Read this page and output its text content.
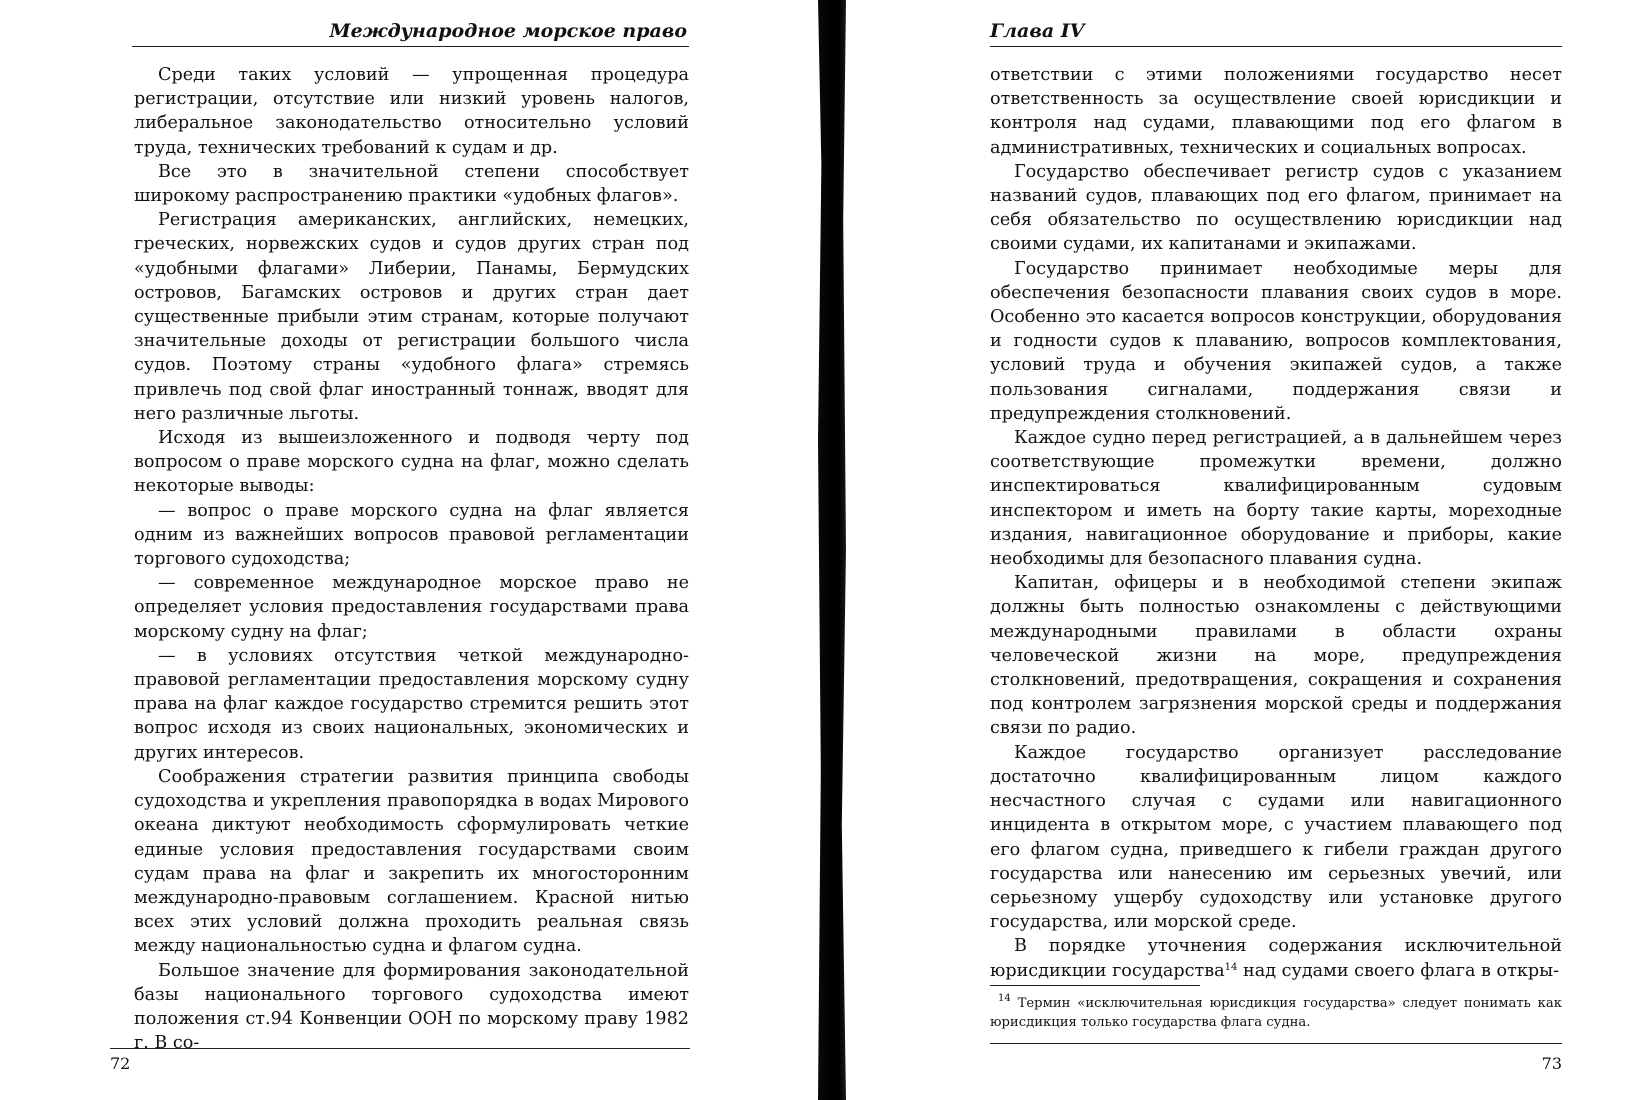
Международное морское право

Среди таких условий — упрощенная процедура регистрации, отсутствие или низкий уровень налогов, либеральное законодательство относительно условий труда, технических требований к судам и др.

Все это в значительной степени способствует широкому распространению практики «удобных флагов».

Регистрация американских, английских, немецких, греческих, норвежских судов и судов других стран под «удобными флагами» Либерии, Панамы, Бермудских островов, Багамских островов и других стран дает существенные прибыли этим странам, которые получают значительные доходы от регистрации большого числа судов. Поэтому страны «удобного флага» стремясь привлечь под свой флаг иностранный тоннаж, вводят для него различные льготы.

Исходя из вышеизложенного и подводя черту под вопросом о праве морского судна на флаг, можно сделать некоторые выводы:

— вопрос о праве морского судна на флаг является одним из важнейших вопросов правовой регламентации торгового судоходства;

— современное международное морское право не определяет условия предоставления государствами права морскому судну на флаг;

— в условиях отсутствия четкой международно-правовой регламентации предоставления морскому судну права на флаг каждое государство стремится решить этот вопрос исходя из своих национальных, экономических и других интересов.

Соображения стратегии развития принципа свободы судоходства и укрепления правопорядка в водах Мирового океана диктуют необходимость сформулировать четкие единые условия предоставления государствами своим судам права на флаг и закрепить их многосторонним международно-правовым соглашением. Красной нитью всех этих условий должна проходить реальная связь между национальностью судна и флагом судна.

Большое значение для формирования законодательной базы национального торгового судоходства имеют положения ст.94 Конвенции ООН по морскому праву 1982 г. В со-

72
Глава IV

ответствии с этими положениями государство несет ответственность за осуществление своей юрисдикции и контроля над судами, плавающими под его флагом в административных, технических и социальных вопросах.

Государство обеспечивает регистр судов с указанием названий судов, плавающих под его флагом, принимает на себя обязательство по осуществлению юрисдикции над своими судами, их капитанами и экипажами.

Государство принимает необходимые меры для обеспечения безопасности плавания своих судов в море. Особенно это касается вопросов конструкции, оборудования и годности судов к плаванию, вопросов комплектования, условий труда и обучения экипажей судов, а также пользования сигналами, поддержания связи и предупреждения столкновений.

Каждое судно перед регистрацией, а в дальнейшем через соответствующие промежутки времени, должно инспектироваться квалифицированным судовым инспектором и иметь на борту такие карты, мореходные издания, навигационное оборудование и приборы, какие необходимы для безопасного плавания судна.

Капитан, офицеры и в необходимой степени экипаж должны быть полностью ознакомлены с действующими международными правилами в области охраны человеческой жизни на море, предупреждения столкновений, предотвращения, сокращения и сохранения под контролем загрязнения морской среды и поддержания связи по радио.

Каждое государство организует расследование достаточно квалифицированным лицом каждого несчастного случая с судами или навигационного инцидента в открытом море, с участием плавающего под его флагом судна, приведшего к гибели граждан другого государства или нанесению им серьезных увечий, или серьезному ущербу судоходству или установке другого государства, или морской среде.

В порядке уточнения содержания исключительной юрисдикции государства$^{14}$ над судами своего флага в откры-

$^{14}$ Термин «исключительная юрисдикция государства» следует понимать как юрисдикция только государства флага судна.

73
